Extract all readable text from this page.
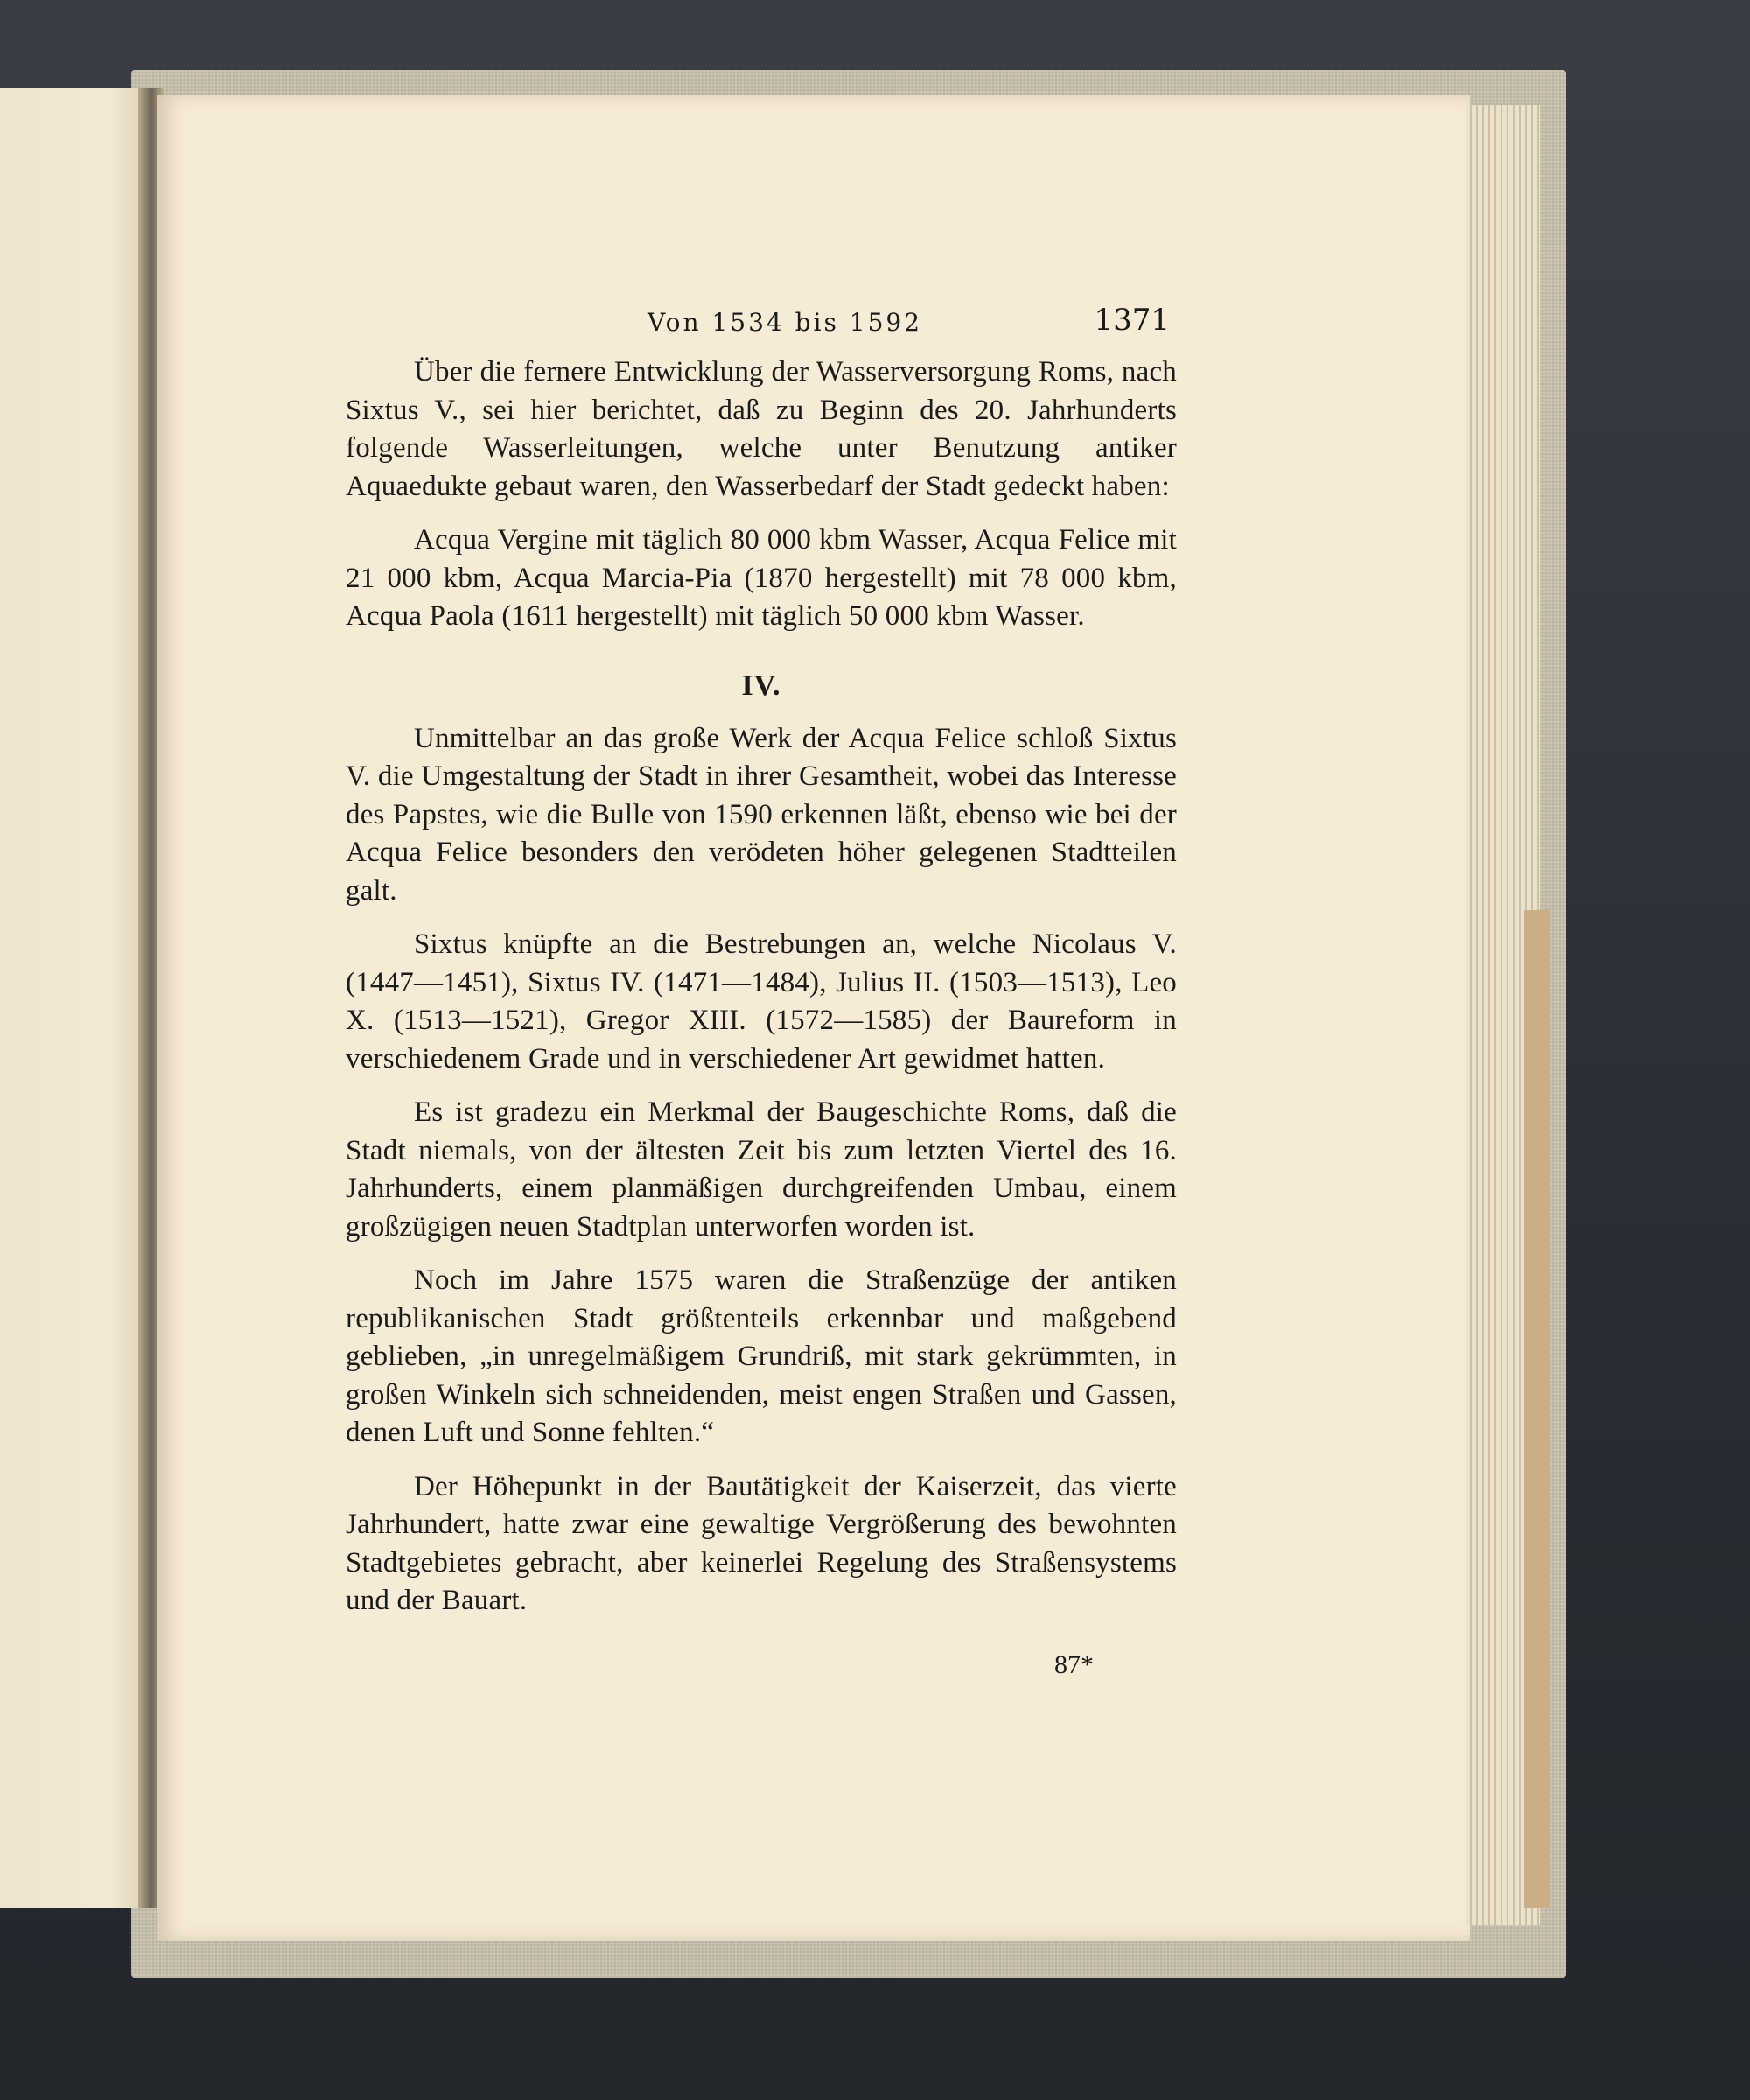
Von 1534 bis 1592	1371

Über die fernere Entwicklung der Wasserversorgung Roms, nach Sixtus V., sei hier berichtet, daß zu Beginn des 20. Jahrhunderts folgende Wasserleitungen, welche unter Benutzung antiker Aquaedukte gebaut waren, den Wasserbedarf der Stadt gedeckt haben:

Acqua Vergine mit täglich 80 000 kbm Wasser, Acqua Felice mit 21 000 kbm, Acqua Marcia-Pia (1870 hergestellt) mit 78 000 kbm, Acqua Paola (1611 hergestellt) mit täglich 50 000 kbm Wasser.

IV.

Unmittelbar an das große Werk der Acqua Felice schloß Sixtus V. die Umgestaltung der Stadt in ihrer Gesamtheit, wobei das Interesse des Papstes, wie die Bulle von 1590 erkennen läßt, ebenso wie bei der Acqua Felice besonders den verödeten höher gelegenen Stadtteilen galt.

Sixtus knüpfte an die Bestrebungen an, welche Nicolaus V. (1447—1451), Sixtus IV. (1471—1484), Julius II. (1503—1513), Leo X. (1513—1521), Gregor XIII. (1572—1585) der Baureform in verschiedenem Grade und in verschiedener Art gewidmet hatten.

Es ist gradezu ein Merkmal der Baugeschichte Roms, daß die Stadt niemals, von der ältesten Zeit bis zum letzten Viertel des 16. Jahrhunderts, einem planmäßigen durchgreifenden Umbau, einem großzügigen neuen Stadtplan unterworfen worden ist.

Noch im Jahre 1575 waren die Straßenzüge der antiken republikanischen Stadt größtenteils erkennbar und maßgebend geblieben, „in unregelmäßigem Grundriß, mit stark gekrümmten, in großen Winkeln sich schneidenden, meist engen Straßen und Gassen, denen Luft und Sonne fehlten.“

Der Höhepunkt in der Bautätigkeit der Kaiserzeit, das vierte Jahrhundert, hatte zwar eine gewaltige Vergrößerung des bewohnten Stadtgebietes gebracht, aber keinerlei Regelung des Straßensystems und der Bauart.

87*
